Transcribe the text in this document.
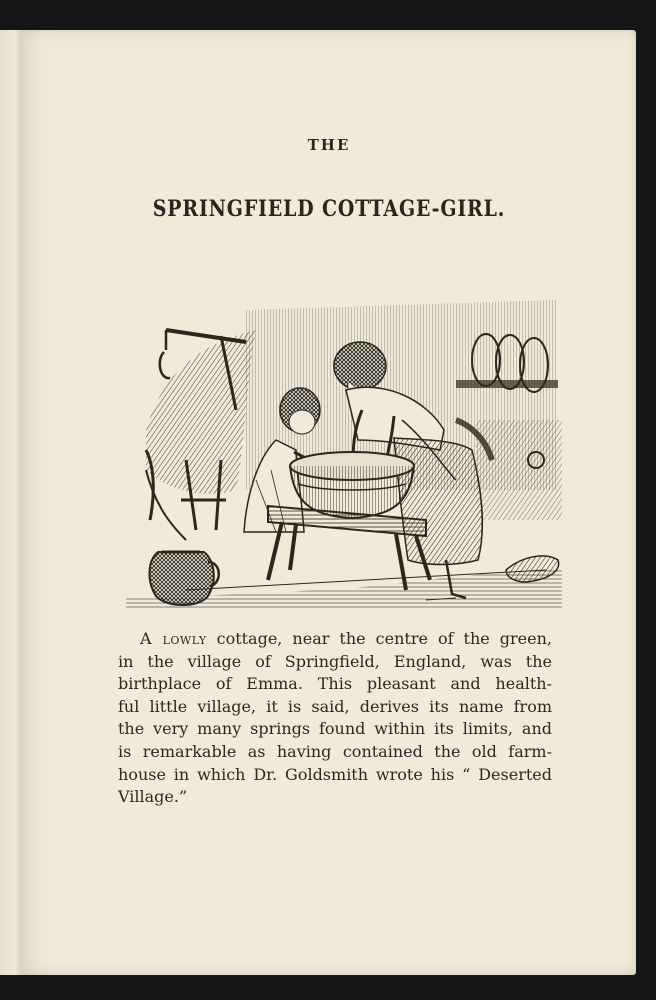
THE
SPRINGFIELD COTTAGE-GIRL.
A lowly cottage, near the centre of the green,
in the village of Springfield, England, was the
birthplace of Emma. This pleasant and health-
ful little village, it is said, derives its name from
the very many springs found within its limits, and
is remarkable as having contained the old farm-
house in which Dr. Goldsmith wrote his “ Deserted
Village.”
